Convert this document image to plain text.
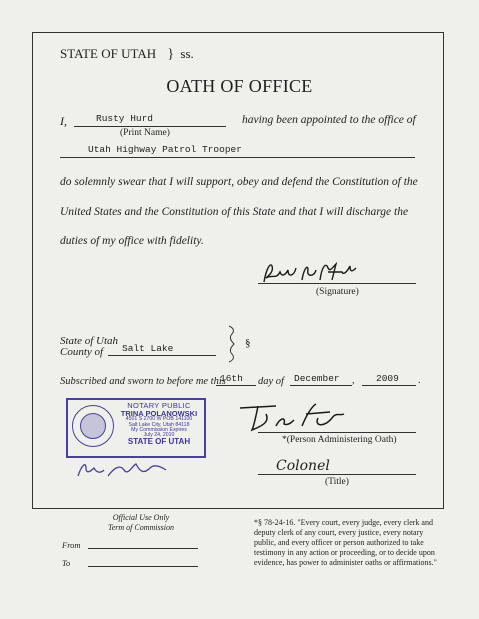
STATE OF UTAH } ss.
OATH OF OFFICE
I,	Rusty Hurd
(Print Name)
having been appointed to the office of
Utah Highway Patrol Trooper
do solemnly swear that I will support, obey and defend the Constitution of the
United States and the Constitution of this State and that I will discharge the
duties of my office with fidelity.
(Signature)
State of Utah
County of Salt Lake	§
Subscribed and sworn to before me this
16th day of December , 2009 .
NOTARY PUBLIC
TRINA POLANOWSKI
4501 S 2700 W POB 141100
Salt Lake City, Utah 84118
My Commission Expires
July 24, 2010
STATE OF UTAH	*(Person Administering Oath)
Colonel
(Title)
Official Use Only
Term of Commission
From
To
*§ 78-24-16. "Every court, every judge, every clerk and deputy clerk of any court, every justice, every notary public, and every officer or person authorized to take testimony in any action or proceeding, or to decide upon evidence, has power to administer oaths or affirmations."
